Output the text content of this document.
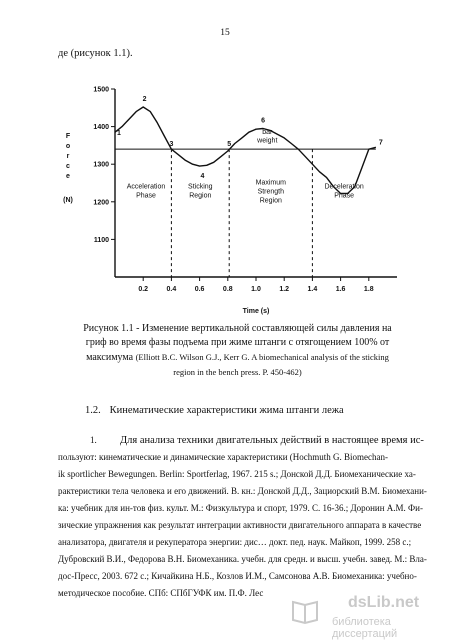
15
де (рисунок 1.1).
1500
1400
1300
1200
1100
0.2	0.4	0.6	0.8	1.0	1.2	1.4	1.6	1.8
Time (s)
F
o
r
c
e
(N)
bar
weight
Acceleration
Phase
Sticking
Region
Maximum
Strength
Region
Deceleration
Phase
1
2
3
4
5
6
7
Рисунок 1.1 - Изменение вертикальной составляющей силы давления на
гриф во время фазы подъема при жиме штанги с отягощением 100% от
максимума (Elliott B.C. Wilson G.J., Kerr G. A biomechanical analysis of the sticking
region in the bench press. P. 450-462)
1.2. Кинематические характеристики жима штанги лежа
1. Для анализа техники двигательных действий в настоящее время ис-
пользуют: кинематические и динамические характеристики (Hochmuth G. Biomechan-
ik sportlicher Bewegungen. Berlin: Sportferlag, 1967. 215 s.; Донской Д.Д. Биомеханические ха-
рактеристики тела человека и его движений. В. кн.: Донской Д.Д., Зациорский В.М. Биомехани-
ка: учебник для ин-тов физ. культ. М.: Физкультура и спорт, 1979. С. 16-36.; Доронин А.М. Фи-
зические упражнения как результат интеграции активности двигательного аппарата в качестве
анализатора, двигателя и рекуператора энергии: дис… докт. пед. наук. Майкоп, 1999. 258 с.;
Дубровский В.И., Федорова В.Н. Биомеханика. учебн. для средн. и высш. учебн. завед. М.: Вла-
дос-Пресс, 2003. 672 с.; Кичайкина Н.Б., Козлов И.М., Самсонова А.В. Биомеханика: учебно-
методическое пособие. СПб: СПбГУФК им. П.Ф. Лес
dsLib.net
библиотека диссертаций
